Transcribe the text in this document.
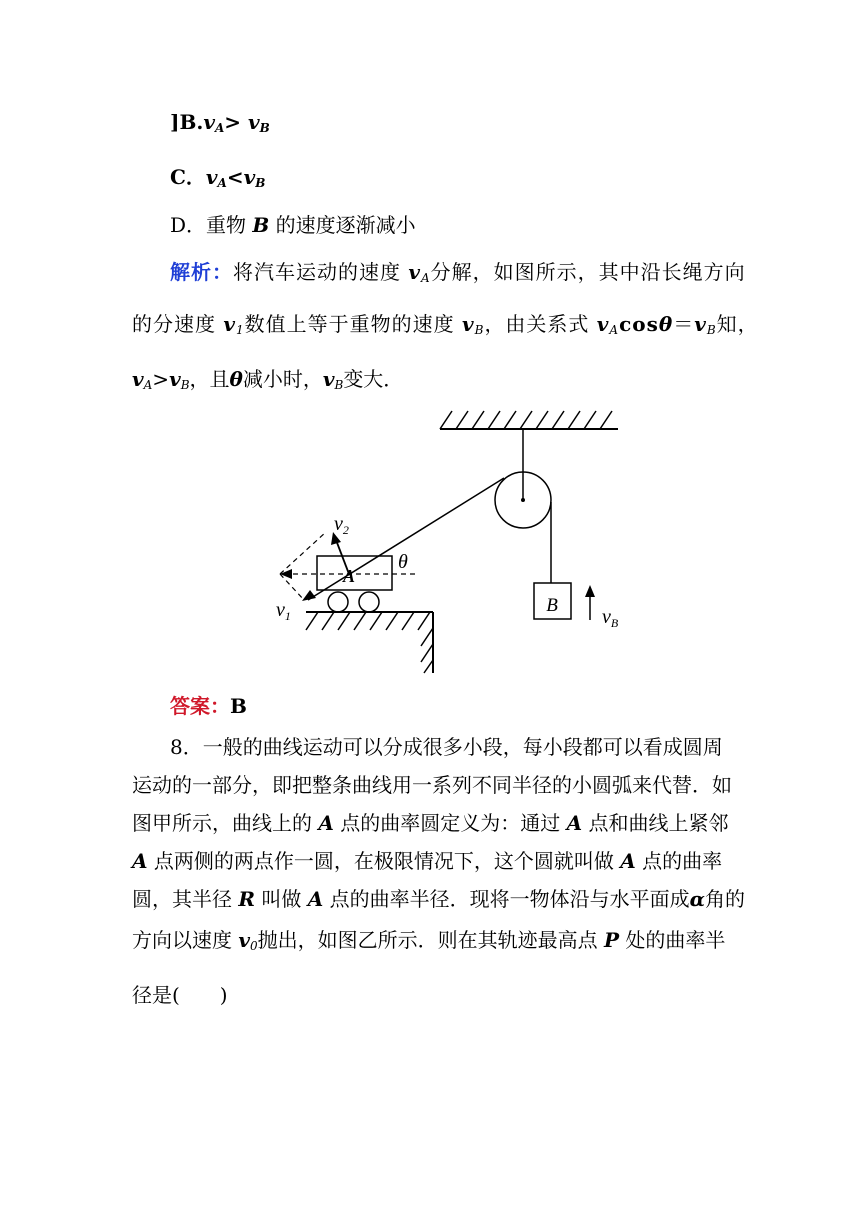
]$B.v_A> v_B$
C．$v_A<v_B$
D．重物 B 的速度逐渐减小
解析：将汽车运动的速度 $v_A$分解，如图所示，其中沿长绳方向
的分速度 $v_1$数值上等于重物的速度 $v_B$，由关系式 $v_A\cos\theta=v_B$知，
$v_A>v_B$，且θ减小时，$v_B$变大．
B
$v_B$
$v_2$
$v_1$
A
θ
答案：B
8．一般的曲线运动可以分成很多小段，每小段都可以看成圆周
运动的一部分，即把整条曲线用一系列不同半径的小圆弧来代替．如
图甲所示，曲线上的 A 点的曲率圆定义为：通过 A 点和曲线上紧邻
A 点两侧的两点作一圆，在极限情况下，这个圆就叫做 A 点的曲率
圆，其半径 R 叫做 A 点的曲率半径．现将一物体沿与水平面成α角的
方向以速度 $v_0$抛出，如图乙所示．则在其轨迹最高点 P 处的曲率半
径是(　　)
